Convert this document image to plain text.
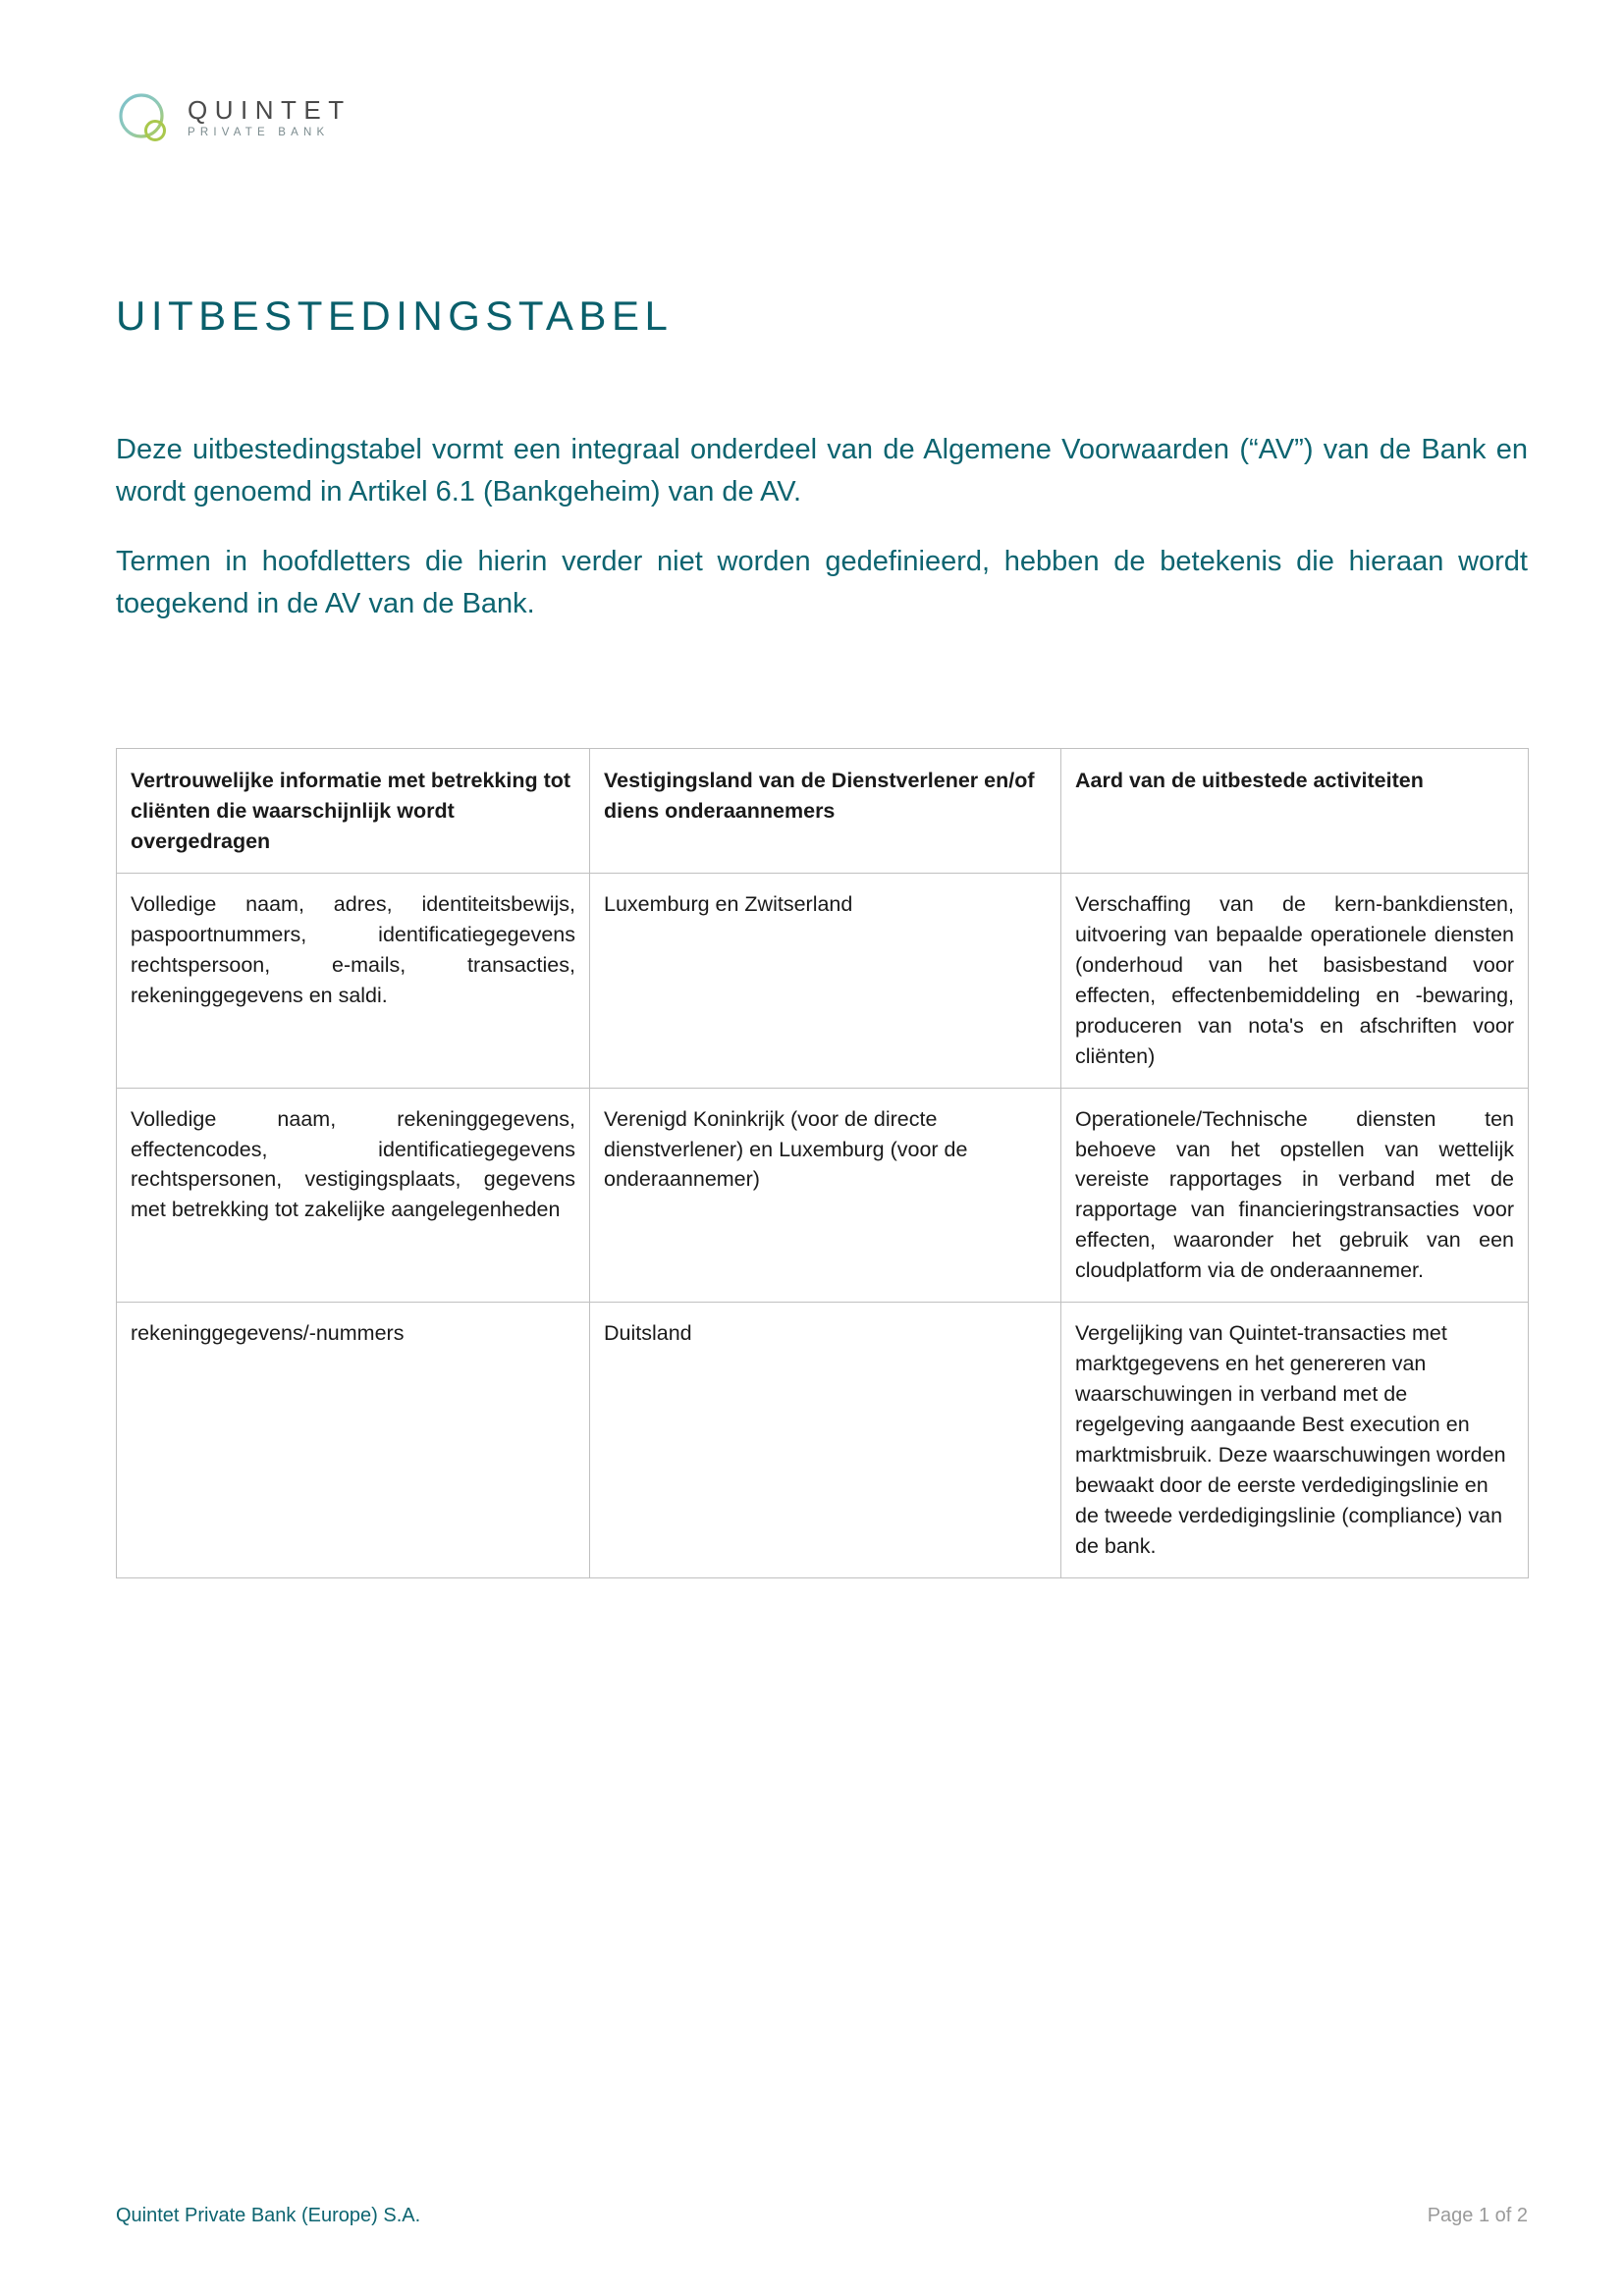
QUINTET
PRIVATE BANK
UITBESTEDINGSTABEL

Deze uitbestedingstabel vormt een integraal onderdeel van de Algemene Voorwaarden (“AV”) van de Bank en wordt genoemd in Artikel 6.1 (Bankgeheim) van de AV.

Termen in hoofdletters die hierin verder niet worden gedefinieerd, hebben de betekenis die hieraan wordt toegekend in de AV van de Bank.

Vertrouwelijke informatie met betrekking tot cliënten die waarschijnlijk wordt overgedragen	Vestigingsland van de Dienstverlener en/of diens onderaannemers	Aard van de uitbestede activiteiten
Volledige naam, adres, identiteitsbewijs, paspoortnummers, identificatiegegevens rechtspersoon, e-mails, transacties, rekeninggegevens en saldi.	Luxemburg en Zwitserland	Verschaffing van de kern-bankdiensten, uitvoering van bepaalde operationele diensten (onderhoud van het basisbestand voor effecten, effectenbemiddeling en -bewaring, produceren van nota's en afschriften voor cliënten)
Volledige naam, rekeninggegevens, effectencodes, identificatiegegevens rechtspersonen, vestigingsplaats, gegevens met betrekking tot zakelijke aangelegenheden	Verenigd Koninkrijk (voor de directe dienstverlener) en Luxemburg (voor de onderaannemer)	Operationele/Technische diensten ten behoeve van het opstellen van wettelijk vereiste rapportages in verband met de rapportage van financieringstransacties voor effecten, waaronder het gebruik van een cloudplatform via de onderaannemer.
rekeninggegevens/-nummers	Duitsland	Vergelijking van Quintet-transacties met marktgegevens en het genereren van waarschuwingen in verband met de regelgeving aangaande Best execution en marktmisbruik. Deze waarschuwingen worden bewaakt door de eerste verdedigingslinie en de tweede verdedigingslinie (compliance) van de bank.
Quintet Private Bank (Europe) S.A.	Page 1 of 2
